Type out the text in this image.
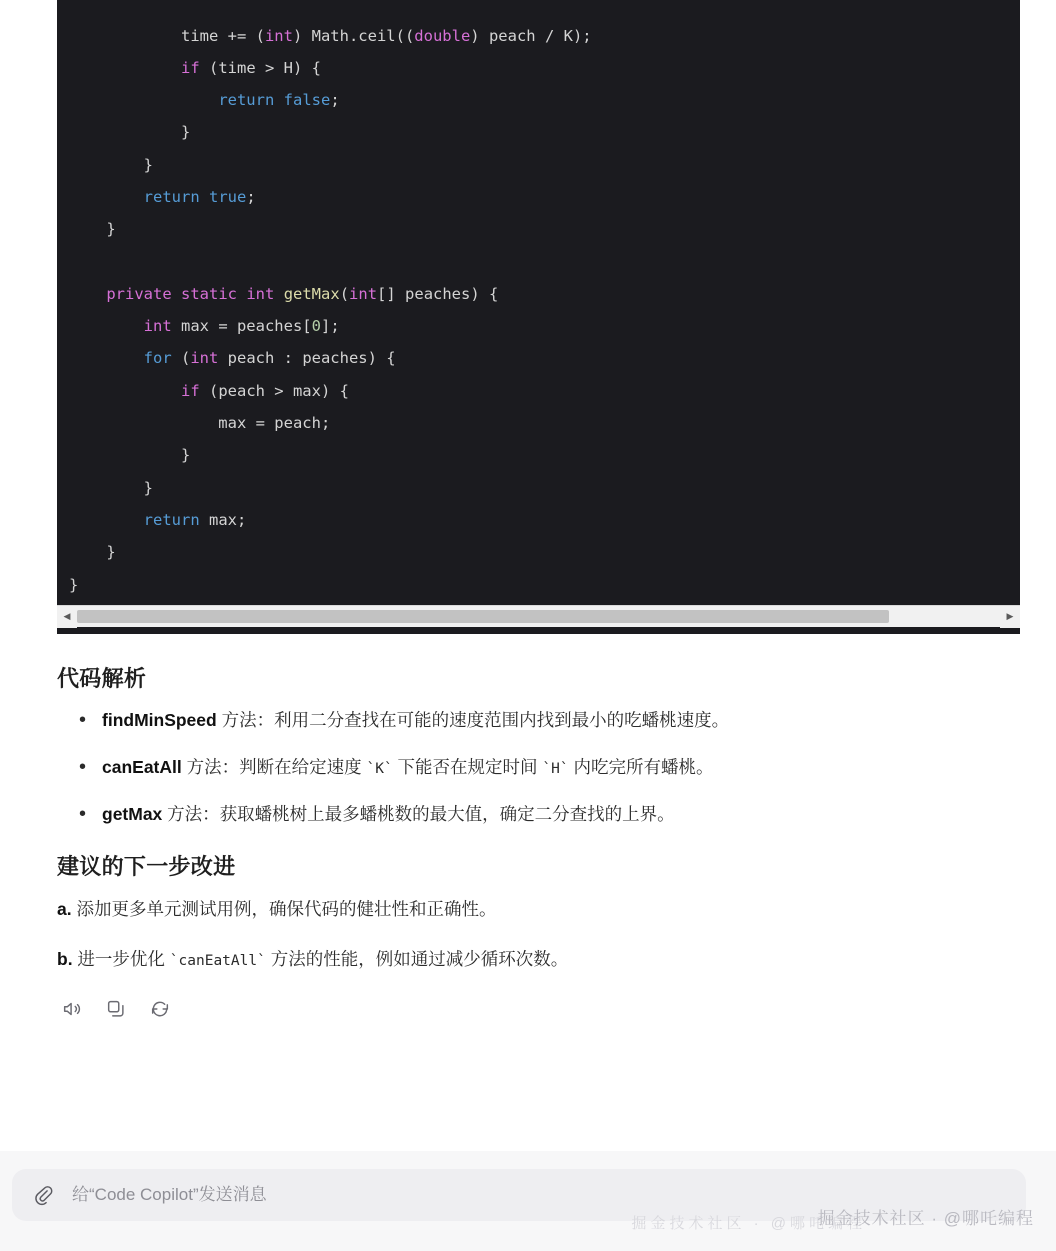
time += (int) Math.ceil((double) peach / K);
if (time > H) {
return false;
}
}
return true;
}

private static int getMax(int[] peaches) {
int max = peaches[0];
for (int peach : peaches) {
if (peach > max) {
max = peach;
}
}
return max;
}
}
◀	▶
代码解析
• findMinSpeed 方法：利用二分查找在可能的速度范围内找到最小的吃蟠桃速度。
• canEatAll 方法：判断在给定速度 `K` 下能否在规定时间 `H` 内吃完所有蟠桃。
• getMax 方法：获取蟠桃树上最多蟠桃数的最大值，确定二分查找的上界。
建议的下一步改进

a. 添加更多单元测试用例，确保代码的健壮性和正确性。

b. 进一步优化 `canEatAll` 方法的性能，例如通过减少循环次数。

给“Code Copilot”发送消息
掘金技术社区 · @哪吒编程
掘金技术社区 · @哪吒编程
